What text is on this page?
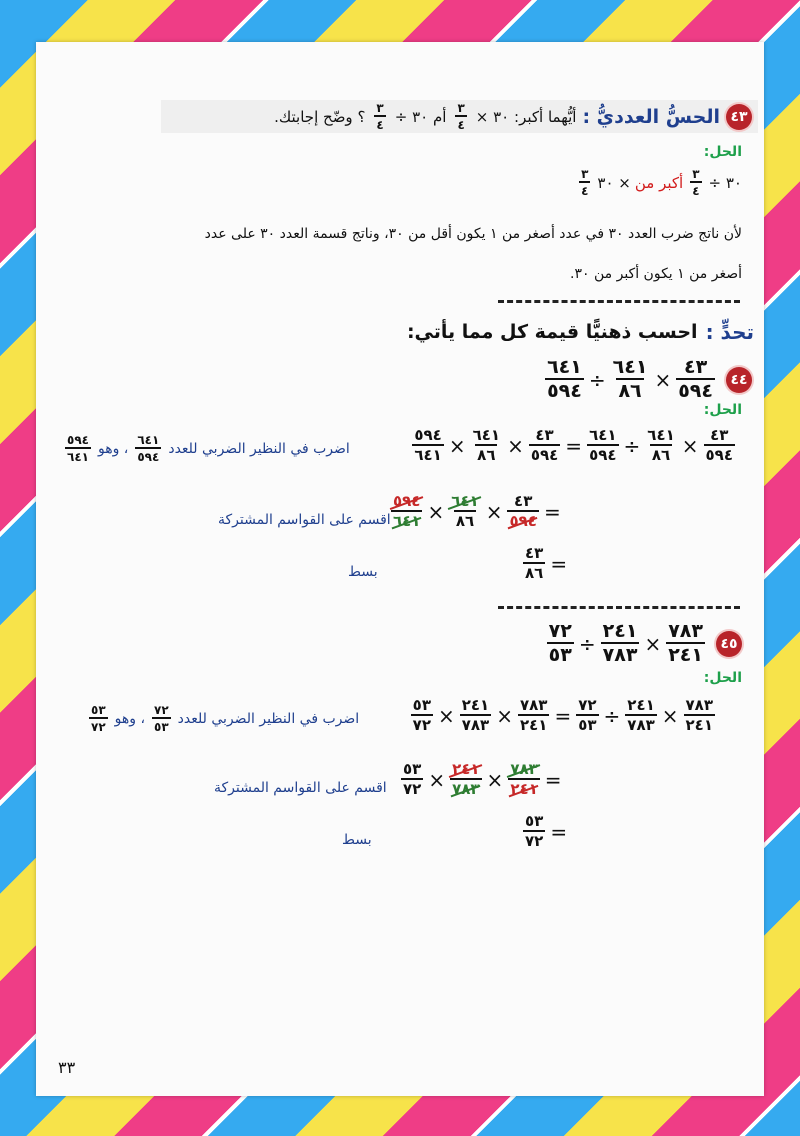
٤٣
الحسُّ العدديُّ :
أيُّهما أكبر: ٣٠ ×
$\frac{٣}{٤}$
أم ٣٠ ÷
$\frac{٣}{٤}$
؟ وضّح إجابتك.
الحل:
٣٠ ÷
$\frac{٣}{٤}$
أكبر من
× ٣٠
$\frac{٣}{٤}$
لأن ناتج ضرب العدد ٣٠ في عدد أصغر من ١ يكون أقل من ٣٠، وناتج قسمة العدد ٣٠ على عدد
أصغر من ١ يكون أكبر من ٣٠.
تحدٍّ :
احسب ذهنيًّا قيمة كل مما يأتي:
$\frac{٦٤١}{٥٩٤} \div \frac{٦٤١}{٨٦} \times \frac{٤٣}{٥٩٤}$	٤٤
الحل:
$\frac{٥٩٤}{٦٤١} \times \frac{٦٤١}{٨٦} \times \frac{٤٣}{٥٩٤} = \frac{٦٤١}{٥٩٤} \div \frac{٦٤١}{٨٦} \times \frac{٤٣}{٥٩٤}$
اضرب في النظير الضربي للعدد
$\frac{٦٤١}{٥٩٤}$
، وهو
$\frac{٥٩٤}{٦٤١}$
$\frac{٥٩٤}{٦٤١} \times \frac{٦٤١}{٨٦} \times \frac{٤٣}{٥٩٤}$ =
اقسم على القواسم المشتركة
$\frac{٤٣}{٨٦}$ =
بسط
$\frac{٧٢}{٥٣} \div \frac{٢٤١}{٧٨٣} \times \frac{٧٨٣}{٢٤١}$	٤٥
الحل:
$\frac{٥٣}{٧٢} \times \frac{٢٤١}{٧٨٣} \times \frac{٧٨٣}{٢٤١} = \frac{٧٢}{٥٣} \div \frac{٢٤١}{٧٨٣} \times \frac{٧٨٣}{٢٤١}$
اضرب في النظير الضربي للعدد
$\frac{٧٢}{٥٣}$
، وهو
$\frac{٥٣}{٧٢}$
$\frac{٥٣}{٧٢} \times \frac{٢٤١}{٧٨٣} \times \frac{٧٨٣}{٢٤١}$ =
اقسم على القواسم المشتركة
$\frac{٥٣}{٧٢}$ =
بسط
٣٣
